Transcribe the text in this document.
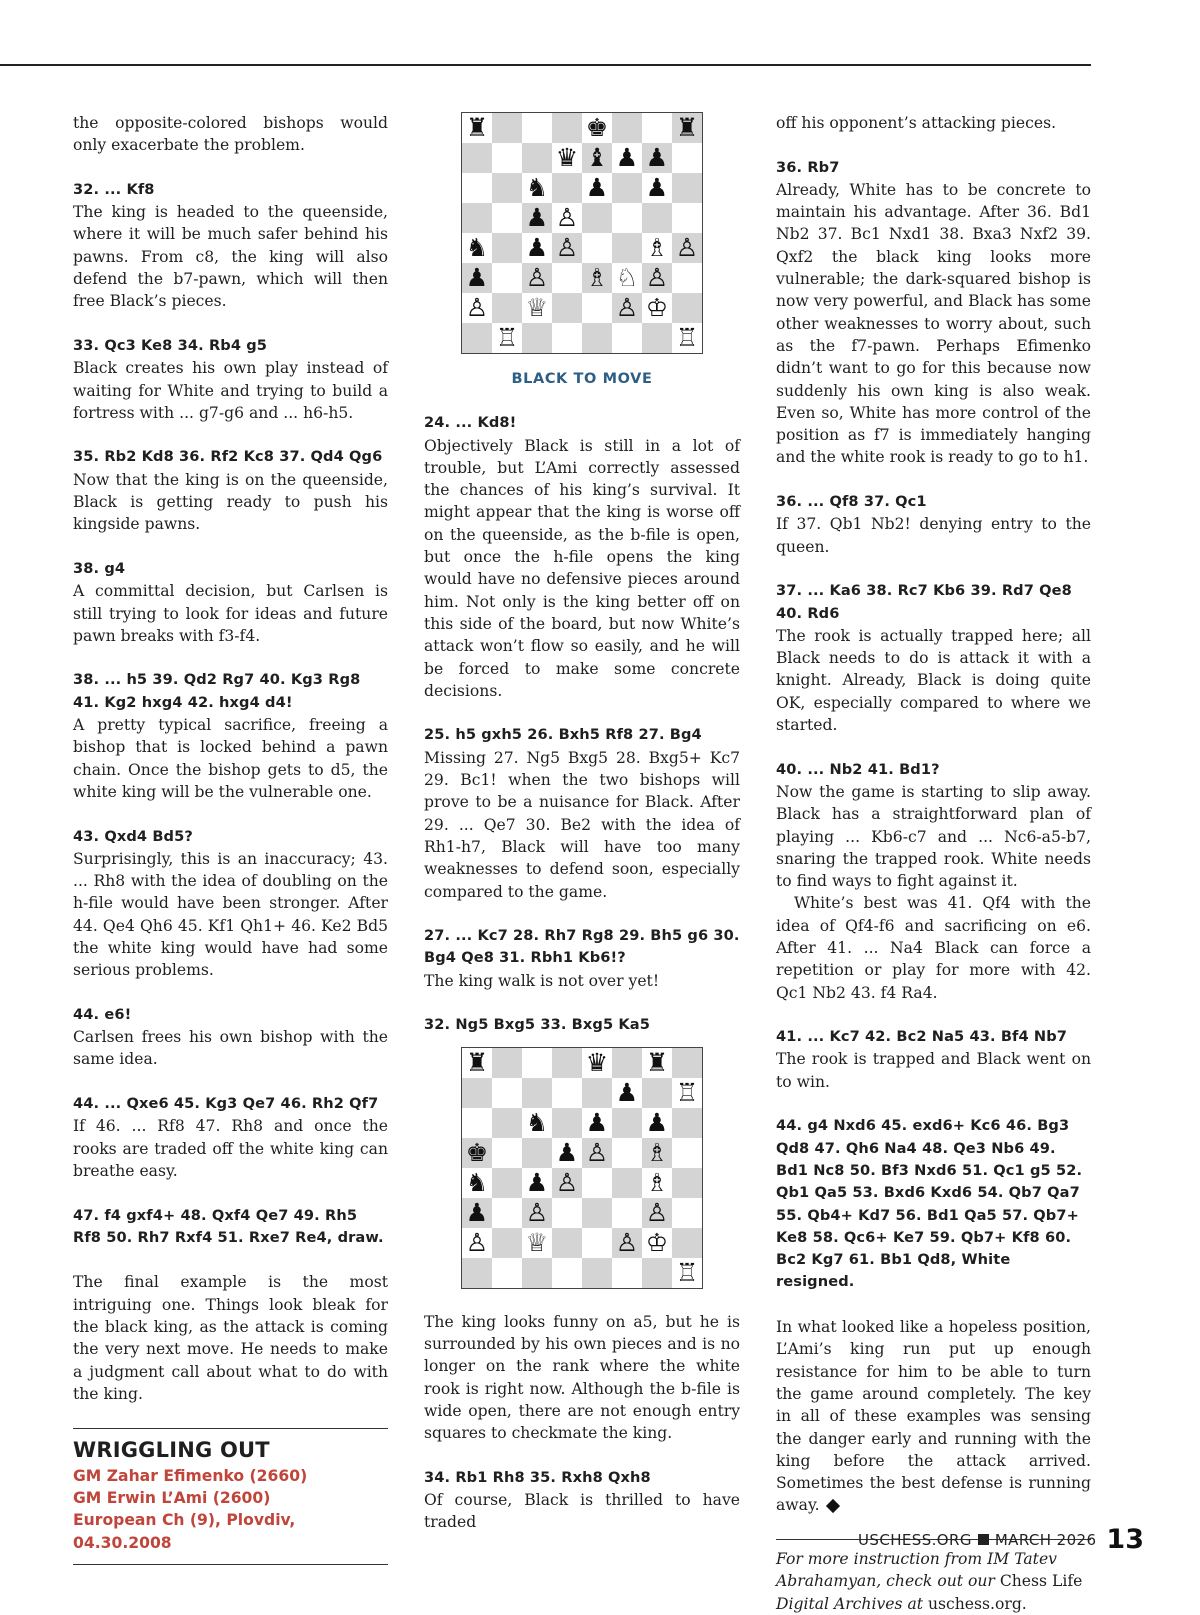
the opposite-colored bishops would only exacerbate the problem.

32. ... Kf8

The king is headed to the queenside, where it will be much safer behind his pawns. From c8, the king will also defend the b7-pawn, which will then free Black’s pieces.

33. Qc3 Ke8 34. Rb4 g5

Black creates his own play instead of waiting for White and trying to build a fortress with ... g7-g6 and ... h6-h5.

35. Rb2 Kd8 36. Rf2 Kc8 37. Qd4 Qg6

Now that the king is on the queenside, Black is getting ready to push his kingside pawns.

38. g4

A committal decision, but Carlsen is still trying to look for ideas and future pawn breaks with f3-f4.

38. ... h5 39. Qd2 Rg7 40. Kg3 Rg8 41. Kg2 hxg4 42. hxg4 d4!

A pretty typical sacrifice, freeing a bishop that is locked behind a pawn chain. Once the bishop gets to d5, the white king will be the vulnerable one.

43. Qxd4 Bd5?

Surprisingly, this is an inaccuracy; 43. ... Rh8 with the idea of doubling on the h-file would have been stronger. After 44. Qe4 Qh6 45. Kf1 Qh1+ 46. Ke2 Bd5 the white king would have had some serious problems.

44. e6!

Carlsen frees his own bishop with the same idea.

44. ... Qxe6 45. Kg3 Qe7 46. Rh2 Qf7

If 46. ... Rf8 47. Rh8 and once the rooks are traded off the white king can breathe easy.

47. f4 gxf4+ 48. Qxf4 Qe7 49. Rh5 Rf8 50. Rh7 Rxf4 51. Rxe7 Re4, draw.

The final example is the most intriguing one. Things look bleak for the black king, as the attack is coming the very next move. He needs to make a judgment call about what to do with the king.

WRIGGLING OUT

GM Zahar Efimenko (2660)

GM Erwin L’Ami (2600)

European Ch (9), Plovdiv, 04.30.2008

♜	♚	♜
♛ ♝ ♟ ♟
♞ ♟ ♟
♟ ♙
♞ ♟ ♙	♗ ♙
♟ ♙ ♗ ♘ ♙
♙ ♕	♙ ♔
♖	♖
BLACK TO MOVE

24. ... Kd8!

Objectively Black is still in a lot of trouble, but L’Ami correctly assessed the chances of his king’s survival. It might appear that the king is worse off on the queenside, as the b-file is open, but once the h-file opens the king would have no defensive pieces around him. Not only is the king better off on this side of the board, but now White’s attack won’t flow so easily, and he will be forced to make some concrete decisions.

25. h5 gxh5 26. Bxh5 Rf8 27. Bg4

Missing 27. Ng5 Bxg5 28. Bxg5+ Kc7 29. Bc1! when the two bishops will prove to be a nuisance for Black. After 29. ... Qe7 30. Be2 with the idea of Rh1-h7, Black will have too many weaknesses to defend soon, especially compared to the game.

27. ... Kc7 28. Rh7 Rg8 29. Bh5 g6 30. Bg4 Qe8 31. Rbh1 Kb6!?

The king walk is not over yet!

32. Ng5 Bxg5 33. Bxg5 Ka5

♜	♛ ♜
♟ ♖
♞ ♟ ♟
♚	♟ ♙ ♗
♞ ♟ ♙	♗
♟ ♙	♙
♙ ♕	♙ ♔
♖

The king looks funny on a5, but he is surrounded by his own pieces and is no longer on the rank where the white rook is right now. Although the b-file is wide open, there are not enough entry squares to checkmate the king.

34. Rb1 Rh8 35. Rxh8 Qxh8

Of course, Black is thrilled to have traded

off his opponent’s attacking pieces.

36. Rb7

Already, White has to be concrete to maintain his advantage. After 36. Bd1 Nb2 37. Bc1 Nxd1 38. Bxa3 Nxf2 39. Qxf2 the black king looks more vulnerable; the dark-squared bishop is now very powerful, and Black has some other weaknesses to worry about, such as the f7-pawn. Perhaps Efimenko didn’t want to go for this because now suddenly his own king is also weak. Even so, White has more control of the position as f7 is immediately hanging and the white rook is ready to go to h1.

36. ... Qf8 37. Qc1

If 37. Qb1 Nb2! denying entry to the queen.

37. ... Ka6 38. Rc7 Kb6 39. Rd7 Qe8 40. Rd6

The rook is actually trapped here; all Black needs to do is attack it with a knight. Already, Black is doing quite OK, especially compared to where we started.

40. ... Nb2 41. Bd1?

Now the game is starting to slip away. Black has a straightforward plan of playing ... Kb6-c7 and ... Nc6-a5-b7, snaring the trapped rook. White needs to find ways to fight against it.

White’s best was 41. Qf4 with the idea of Qf4-f6 and sacrificing on e6. After 41. ... Na4 Black can force a repetition or play for more with 42. Qc1 Nb2 43. f4 Ra4.

41. ... Kc7 42. Bc2 Na5 43. Bf4 Nb7

The rook is trapped and Black went on to win.

44. g4 Nxd6 45. exd6+ Kc6 46. Bg3 Qd8 47. Qh6 Na4 48. Qe3 Nb6 49. Bd1 Nc8 50. Bf3 Nxd6 51. Qc1 g5 52. Qb1 Qa5 53. Bxd6 Kxd6 54. Qb7 Qa7 55. Qb4+ Kd7 56. Bd1 Qa5 57. Qb7+ Ke8 58. Qc6+ Ke7 59. Qb7+ Kf8 60. Bc2 Kg7 61. Bb1 Qd8, White resigned.

In what looked like a hopeless position, L’Ami’s king run put up enough resistance for him to be able to turn the game around completely. The key in all of these examples was sensing the danger early and running with the king before the attack arrived. Sometimes the best defense is running away.

For more instruction from IM Tatev Abrahamyan, check out our Chess Life Digital Archives at uschess.org.
USCHESS.ORG MARCH 2026 13
